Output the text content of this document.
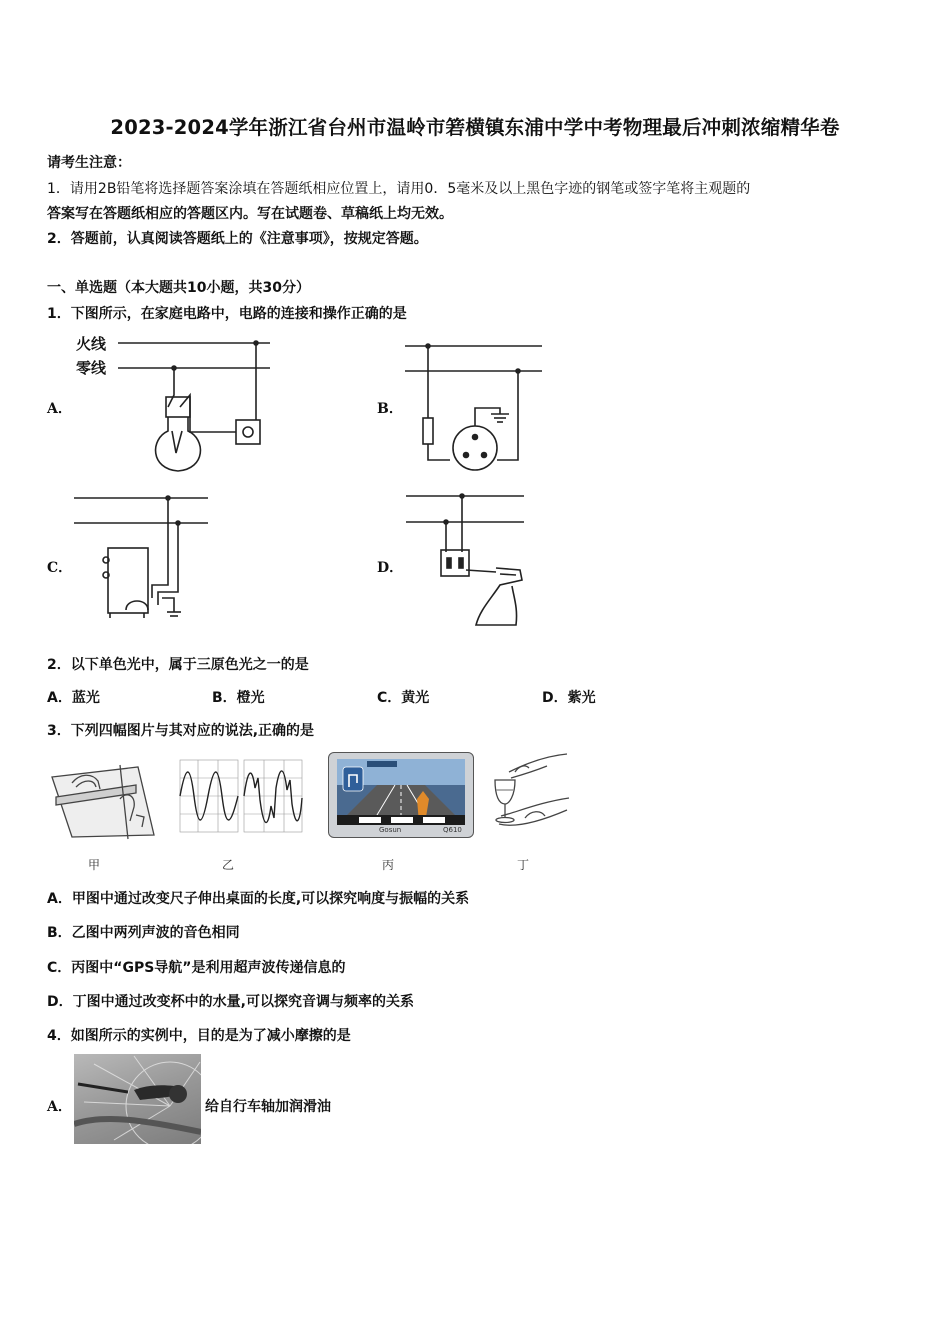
2023-2024学年浙江省台州市温岭市箬横镇东浦中学中考物理最后冲刺浓缩精华卷
请考生注意：
1．请用2B铅笔将选择题答案涂填在答题纸相应位置上，请用0．5毫米及以上黑色字迹的钢笔或签字笔将主观题的
答案写在答题纸相应的答题区内。写在试题卷、草稿纸上均无效。
2．答题前，认真阅读答题纸上的《注意事项》，按规定答题。
一、单选题（本大题共10小题，共30分）
1．下图所示，在家庭电路中，电路的连接和操作正确的是
A．
火线
零线
B．
C．	D．
2．以下单色光中，属于三原色光之一的是
A．蓝光	B．橙光	C．黄光	D．紫光
3．下列四幅图片与其对应的说法,正确的是
甲	乙
Gosun	Q610
丙	丁
A．甲图中通过改变尺子伸出桌面的长度,可以探究响度与振幅的关系
B．乙图中两列声波的音色相同
C．丙图中“GPS导航”是利用超声波传递信息的
D．丁图中通过改变杯中的水量,可以探究音调与频率的关系
4．如图所示的实例中，目的是为了减小摩擦的是
A．	给自行车轴加润滑油
